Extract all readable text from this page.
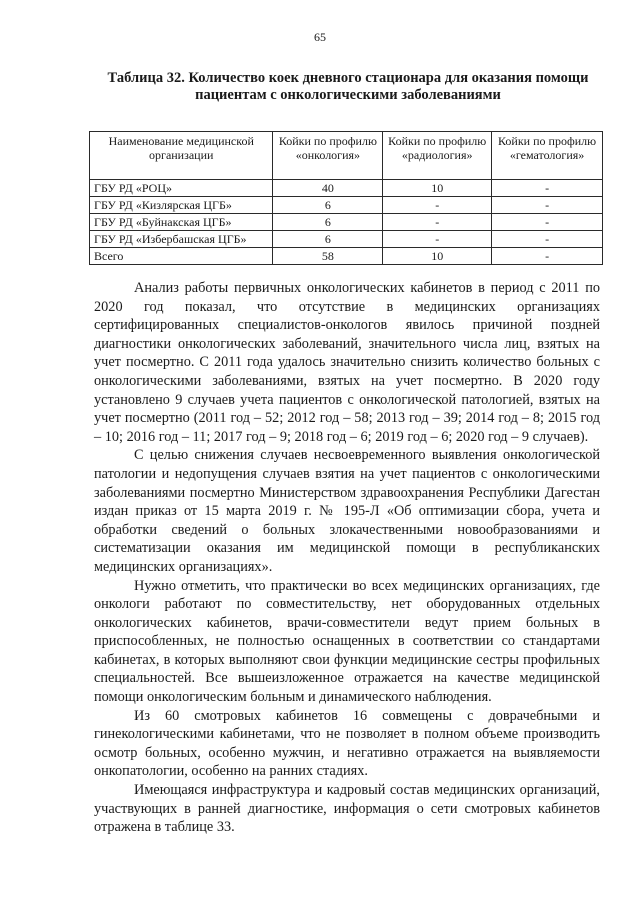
65
Таблица 32. Количество коек дневного стационара для оказания помощи пациентам с онкологическими заболеваниями
Наименование медицинской организации	Койки по профилю «онкология»	Койки по профилю «радиология»	Койки по профилю «гематология»
ГБУ РД «РОЦ»	40	10	-
ГБУ РД «Кизлярская ЦГБ»	6	-	-
ГБУ РД «Буйнакская ЦГБ»	6	-	-
ГБУ РД «Избербашская ЦГБ»	6	-	-
Всего	58	10	-

Анализ работы первичных онкологических кабинетов в период с 2011 по 2020 год показал, что отсутствие в медицинских организациях сертифицированных специалистов-онкологов явилось причиной поздней диагностики онкологических заболеваний, значительного числа лиц, взятых на учет посмертно. С 2011 года удалось значительно снизить количество больных с онкологическими заболеваниями, взятых на учет посмертно. В 2020 году установлено 9 случаев учета пациентов с онкологической патологией, взятых на учет посмертно (2011 год – 52; 2012 год – 58; 2013 год – 39; 2014 год – 8; 2015 год – 10; 2016 год – 11; 2017 год – 9; 2018 год – 6; 2019 год – 6; 2020 год – 9 случаев).

С целью снижения случаев несвоевременного выявления онкологической патологии и недопущения случаев взятия на учет пациентов с онкологическими заболеваниями посмертно Министерством здравоохранения Республики Дагестан издан приказ от 15 марта 2019 г. № 195-Л «Об оптимизации сбора, учета и обработки сведений о больных злокачественными новообразованиями и систематизации оказания им медицинской помощи в республиканских медицинских организациях».

Нужно отметить, что практически во всех медицинских организациях, где онкологи работают по совместительству, нет оборудованных отдельных онкологических кабинетов, врачи-совместители ведут прием больных в приспособленных, не полностью оснащенных в соответствии со стандартами кабинетах, в которых выполняют свои функции медицинские сестры профильных специальностей. Все вышеизложенное отражается на качестве медицинской помощи онкологическим больным и динамического наблюдения.

Из 60 смотровых кабинетов 16 совмещены с доврачебными и гинекологическими кабинетами, что не позволяет в полном объеме производить осмотр больных, особенно мужчин, и негативно отражается на выявляемости онкопатологии, особенно на ранних стадиях.

Имеющаяся инфраструктура и кадровый состав медицинских организаций, участвующих в ранней диагностике, информация о сети смотровых кабинетов отражена в таблице 33.
